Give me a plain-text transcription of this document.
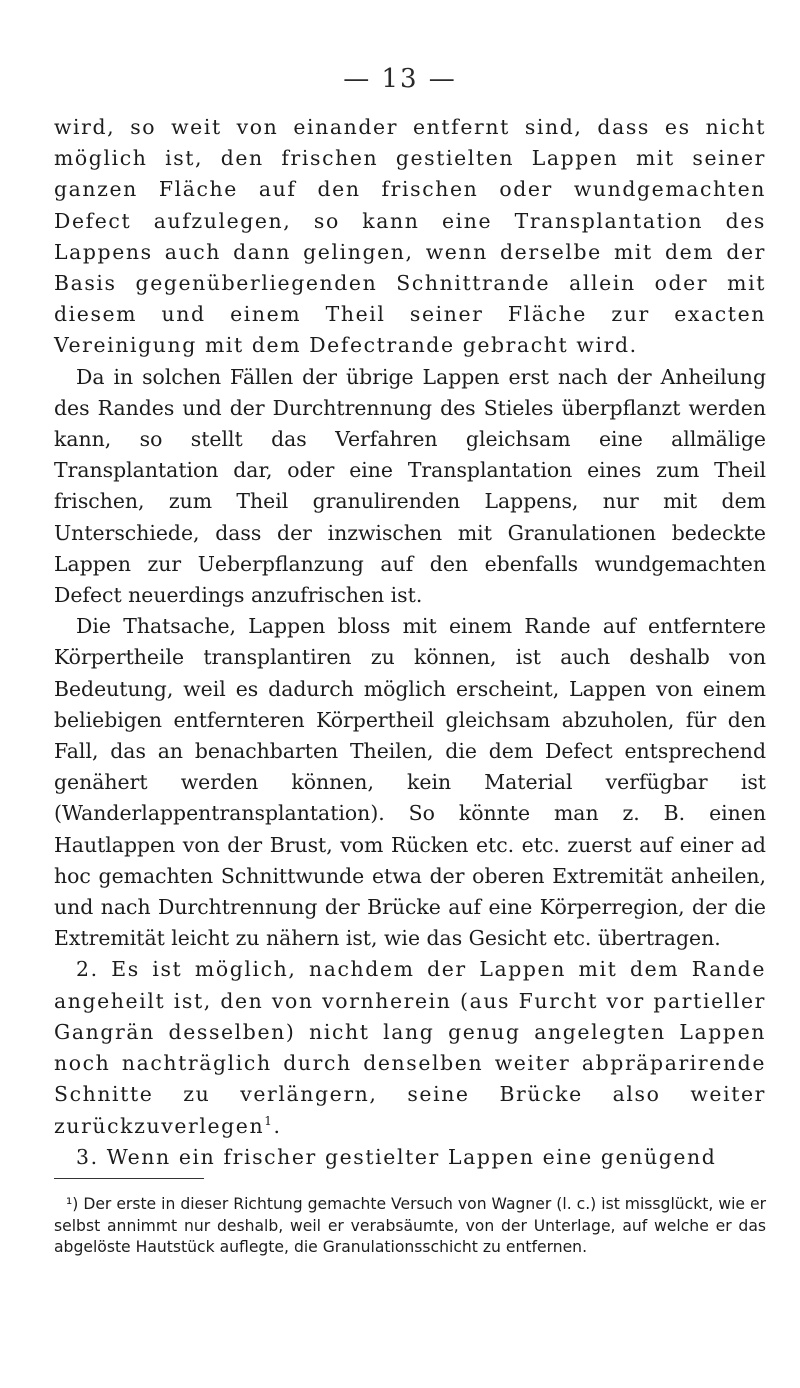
— 13 —

wird, so weit von einander entfernt sind, dass es nicht möglich ist, den frischen gestielten Lappen mit seiner ganzen Fläche auf den frischen oder wundgemachten Defect aufzulegen, so kann eine Transplantation des Lappens auch dann gelingen, wenn derselbe mit dem der Basis gegenüberliegenden Schnittrande allein oder mit diesem und einem Theil seiner Fläche zur exacten Vereinigung mit dem Defectrande gebracht wird.

Da in solchen Fällen der übrige Lappen erst nach der Anheilung des Randes und der Durchtrennung des Stieles überpflanzt werden kann, so stellt das Verfahren gleichsam eine allmälige Transplantation dar, oder eine Transplantation eines zum Theil frischen, zum Theil granulirenden Lappens, nur mit dem Unterschiede, dass der inzwischen mit Granulationen bedeckte Lappen zur Ueberpflanzung auf den ebenfalls wundgemachten Defect neuerdings anzufrischen ist.

Die Thatsache, Lappen bloss mit einem Rande auf entferntere Körpertheile transplantiren zu können, ist auch deshalb von Bedeutung, weil es dadurch möglich erscheint, Lappen von einem beliebigen entfernteren Körpertheil gleichsam abzuholen, für den Fall, das an benachbarten Theilen, die dem Defect entsprechend genähert werden können, kein Material verfügbar ist (Wanderlappentransplantation). So könnte man z. B. einen Hautlappen von der Brust, vom Rücken etc. etc. zuerst auf einer ad hoc gemachten Schnittwunde etwa der oberen Extremität anheilen, und nach Durchtrennung der Brücke auf eine Körperregion, der die Extremität leicht zu nähern ist, wie das Gesicht etc. übertragen.

2. Es ist möglich, nachdem der Lappen mit dem Rande angeheilt ist, den von vornherein (aus Furcht vor partieller Gangrän desselben) nicht lang genug angelegten Lappen noch nachträglich durch denselben weiter abpräparirende Schnitte zu verlängern, seine Brücke also weiter zurückzuverlegen$^1$.

3. Wenn ein frischer gestielter Lappen eine genügend

¹) Der erste in dieser Richtung gemachte Versuch von Wagner (l. c.) ist missglückt, wie er selbst annimmt nur deshalb, weil er verabsäumte, von der Unterlage, auf welche er das abgelöste Hautstück auflegte, die Granulationsschicht zu entfernen.
